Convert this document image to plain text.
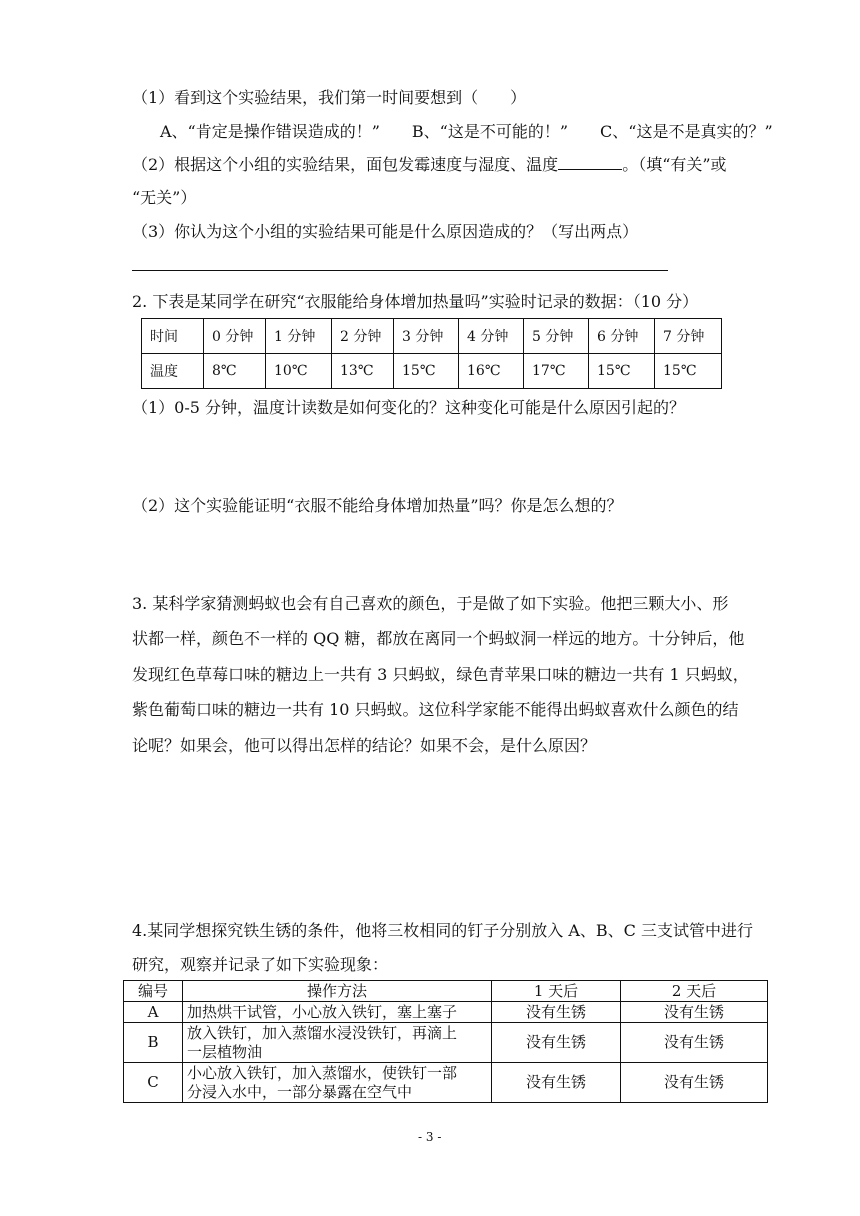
（1）看到这个实验结果，我们第一时间要想到（　　）
A、“肯定是操作错误造成的！”　　B、“这是不可能的！”　　C、“这是不是真实的？”
（2）根据这个小组的实验结果，面包发霉速度与湿度、温度	。（填“有关”或
“无关”）
（3）你认为这个小组的实验结果可能是什么原因造成的？（写出两点）
2. 下表是某同学在研究“衣服能给身体增加热量吗”实验时记录的数据：（10 分）
时间	0 分钟	1 分钟	2 分钟	3 分钟	4 分钟	5 分钟	6 分钟	7 分钟
温度	8℃	10℃	13℃	15℃	16℃	17℃	15℃	15℃
（1）0-5 分钟，温度计读数是如何变化的？这种变化可能是什么原因引起的？
（2）这个实验能证明“衣服不能给身体增加热量”吗？你是怎么想的？
3. 某科学家猜测蚂蚁也会有自己喜欢的颜色，于是做了如下实验。他把三颗大小、形
状都一样，颜色不一样的 QQ 糖，都放在离同一个蚂蚁洞一样远的地方。十分钟后，他
发现红色草莓口味的糖边上一共有 3 只蚂蚁，绿色青苹果口味的糖边一共有 1 只蚂蚁，
紫色葡萄口味的糖边一共有 10 只蚂蚁。这位科学家能不能得出蚂蚁喜欢什么颜色的结
论呢？如果会，他可以得出怎样的结论？如果不会，是什么原因？
4.某同学想探究铁生锈的条件，他将三枚相同的钉子分别放入 A、B、C 三支试管中进行
研究，观察并记录了如下实验现象：
编号	操作方法	1 天后	2 天后
A	加热烘干试管，小心放入铁钉，塞上塞子	没有生锈	没有生锈
B	放入铁钉，加入蒸馏水浸没铁钉，再滴上
一层植物油	没有生锈	没有生锈
C	小心放入铁钉，加入蒸馏水，使铁钉一部
分浸入水中，一部分暴露在空气中	没有生锈	没有生锈
- 3 -
